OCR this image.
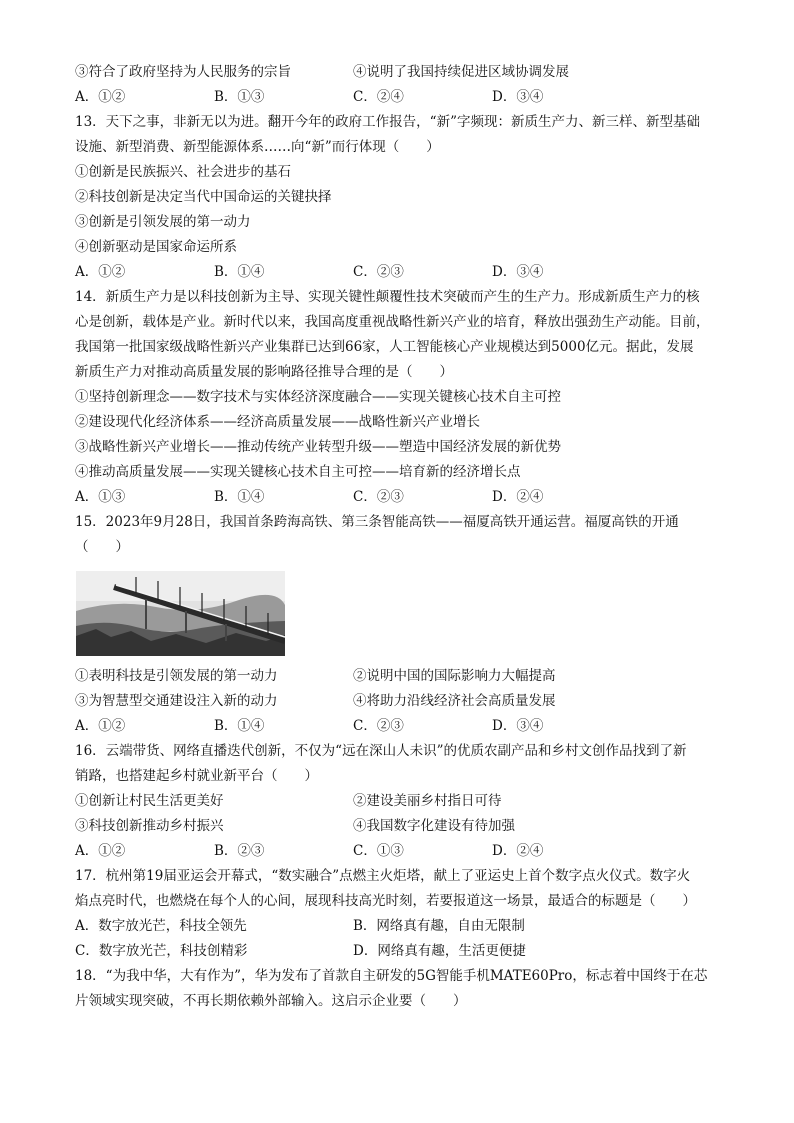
③符合了政府坚持为人民服务的宗旨	④说明了我国持续促进区域协调发展
A．①②	B．①③	C．②④	D．③④
13．天下之事，非新无以为进。翻开今年的政府工作报告，“新”字频现：新质生产力、新三样、新型基础
设施、新型消费、新型能源体系……向“新”而行体现（　　）
①创新是民族振兴、社会进步的基石
②科技创新是决定当代中国命运的关键抉择
③创新是引领发展的第一动力
④创新驱动是国家命运所系
A．①②	B．①④	C．②③	D．③④
14．新质生产力是以科技创新为主导、实现关键性颠覆性技术突破而产生的生产力。形成新质生产力的核
心是创新，载体是产业。新时代以来，我国高度重视战略性新兴产业的培育，释放出强劲生产动能。目前，
我国第一批国家级战略性新兴产业集群已达到66家，人工智能核心产业规模达到5000亿元。据此，发展
新质生产力对推动高质量发展的影响路径推导合理的是（　　）
①坚持创新理念——数字技术与实体经济深度融合——实现关键核心技术自主可控
②建设现代化经济体系——经济高质量发展——战略性新兴产业增长
③战略性新兴产业增长——推动传统产业转型升级——塑造中国经济发展的新优势
④推动高质量发展——实现关键核心技术自主可控——培育新的经济增长点
A．①③	B．①④	C．②③	D．②④
15．2023年9月28日，我国首条跨海高铁、第三条智能高铁——福厦高铁开通运营。福厦高铁的开通
（　　）
①表明科技是引领发展的第一动力	②说明中国的国际影响力大幅提高
③为智慧型交通建设注入新的动力	④将助力沿线经济社会高质量发展
A．①②	B．①④	C．②③	D．③④
16．云端带货、网络直播迭代创新，不仅为“远在深山人未识”的优质农副产品和乡村文创作品找到了新
销路，也搭建起乡村就业新平台（　　）
①创新让村民生活更美好	②建设美丽乡村指日可待
③科技创新推动乡村振兴	④我国数字化建设有待加强
A．①②	B．②③	C．①③	D．②④
17．杭州第19届亚运会开幕式，“数实融合”点燃主火炬塔，献上了亚运史上首个数字点火仪式。数字火
焰点亮时代，也燃烧在每个人的心间，展现科技高光时刻，若要报道这一场景，最适合的标题是（　　）
A．数字放光芒，科技全领先	B．网络真有趣，自由无限制
C．数字放光芒，科技创精彩	D．网络真有趣，生活更便捷
18．“为我中华，大有作为”，华为发布了首款自主研发的5G智能手机MATE60Pro，标志着中国终于在芯
片领域实现突破，不再长期依赖外部输入。这启示企业要（　　）
